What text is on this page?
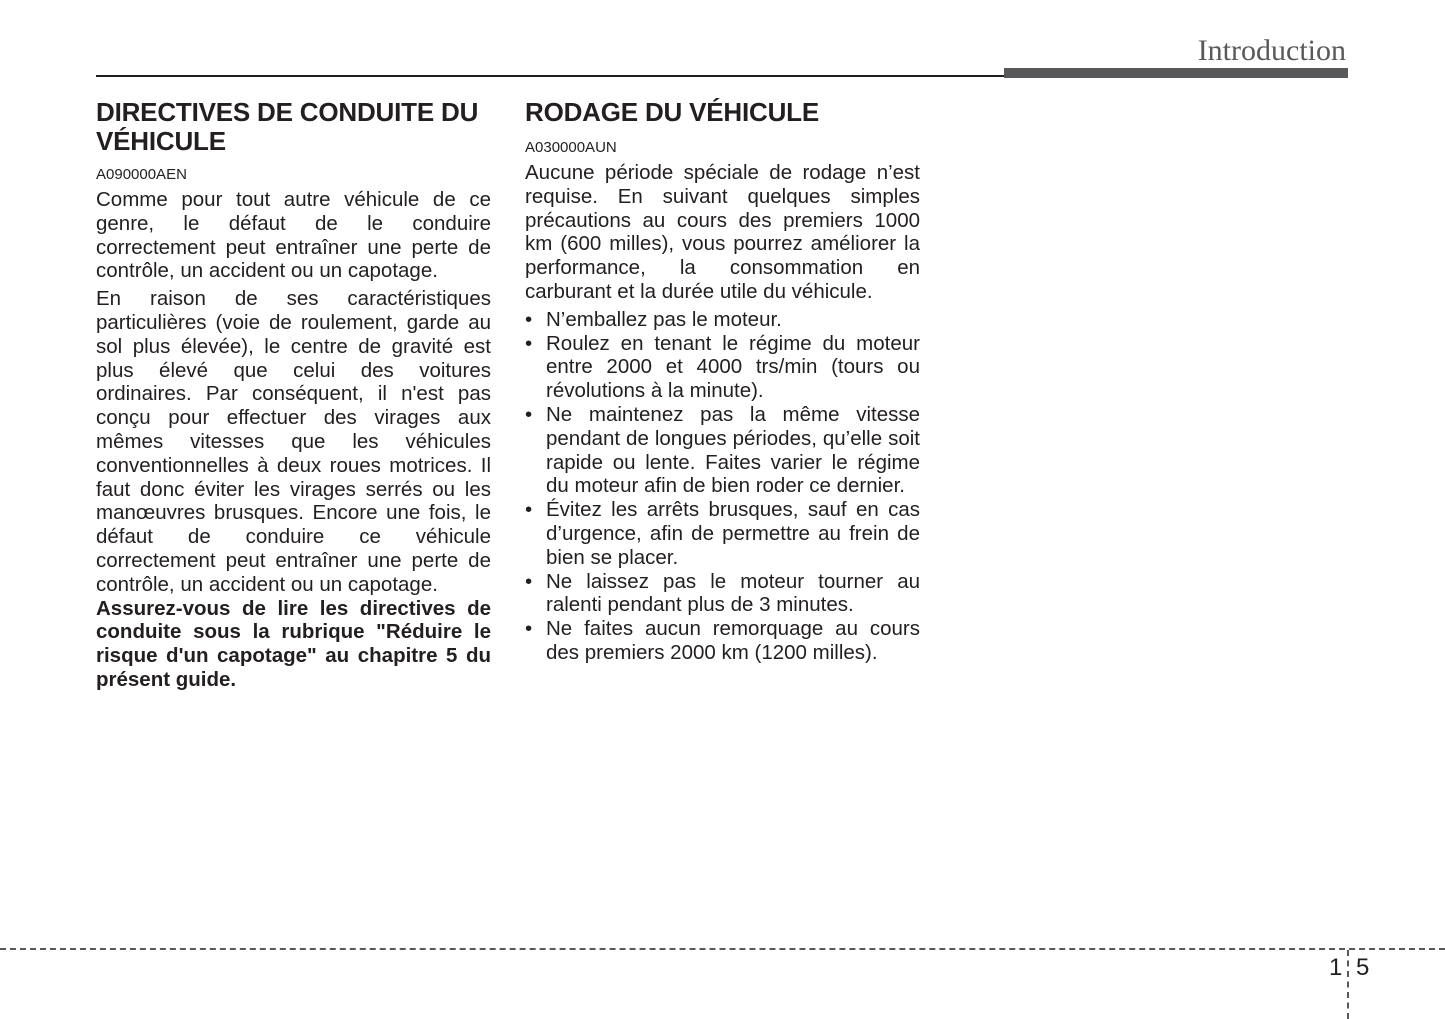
Introduction
DIRECTIVES DE CONDUITE DU VÉHICULE
A090000AEN

Comme pour tout autre véhicule de ce genre, le défaut de le conduire correctement peut entraîner une perte de contrôle, un accident ou un capotage.

En raison de ses caractéristiques particulières (voie de roulement, garde au sol plus élevée), le centre de gravité est plus élevé que celui des voitures ordinaires. Par conséquent, il n'est pas conçu pour effectuer des virages aux mêmes vitesses que les véhicules conventionnelles à deux roues motrices. Il faut donc éviter les virages serrés ou les manœuvres brusques. Encore une fois, le défaut de conduire ce véhicule correctement peut entraîner une perte de contrôle, un accident ou un capotage.

Assurez-vous de lire les directives de conduite sous la rubrique "Réduire le risque d'un capotage" au chapitre 5 du présent guide.

RODAGE DU VÉHICULE
A030000AUN

Aucune période spéciale de rodage n’est requise. En suivant quelques simples précautions au cours des premiers 1000 km (600 milles), vous pourrez améliorer la performance, la consommation en carburant et la durée utile du véhicule.

• N’emballez pas le moteur.
• Roulez en tenant le régime du moteur entre 2000 et 4000 trs/min (tours ou révolutions à la minute).
• Ne maintenez pas la même vitesse pendant de longues périodes, qu’elle soit rapide ou lente. Faites varier le régime du moteur afin de bien roder ce dernier.
• Évitez les arrêts brusques, sauf en cas d’urgence, afin de permettre au frein de bien se placer.
• Ne laissez pas le moteur tourner au ralenti pendant plus de 3 minutes.
• Ne faites aucun remorquage au cours des premiers 2000 km (1200 milles).
1 5
